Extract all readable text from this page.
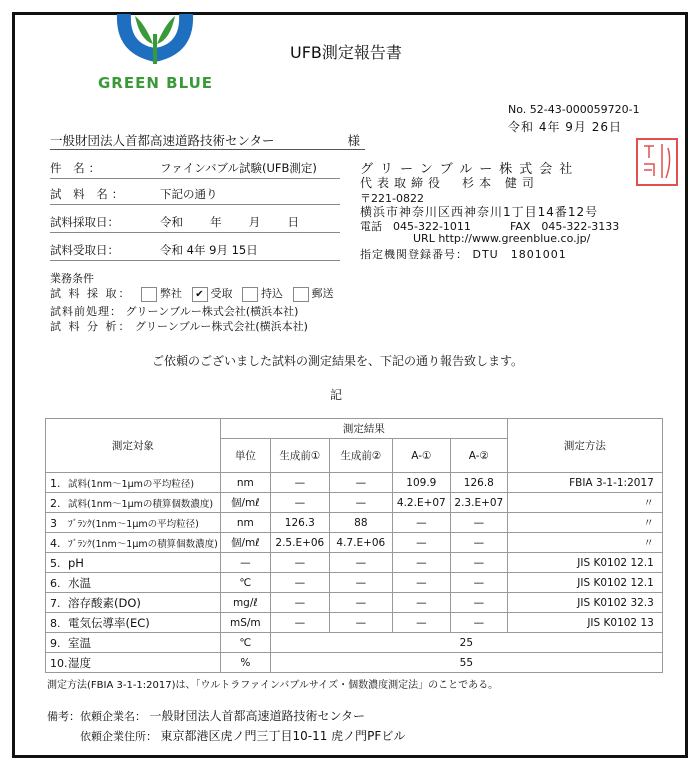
GREEN BLUE
UFB測定報告書
No. 52-43-000059720-1
令和 4年 9月 26日
一般財団法人首都高速道路技術センター	様
件 名：	ファインバブル試験(UFB測定)
試 料 名：	下記の通り
試料採取日：	令和　 年　 月　 日
試料受取日：	令和 4年 9月 15日
グリーンブルー株式会社
代表取締役　杉本 健司
〒221-0822
横浜市神奈川区西神奈川1丁目14番12号
電話　045-322-1011	FAX　045-322-3133
URL http://www.greenblue.co.jp/
指定機関登録番号： DTU　1801001
業務条件
試 料 採 取：	弊社 ✔ 受取	持込	郵送
試料前処理： グリーンブルー株式会社(横浜本社)
試 料 分 析： グリーンブルー株式会社(横浜本社)
ご依頼のございました試料の測定結果を、下記の通り報告致します。
記
測定対象	測定結果					測定方法
	単位	生成前①	生成前②	A-①	A-②	
1. 試料(1nm～1μmの平均粒径)	nm	—	—	109.9	126.8	FBIA 3-1-1:2017
2. 試料(1nm～1μmの積算個数濃度)	個/mℓ	—	—	4.2.E+07	2.3.E+07	〃
3 ﾌﾞﾗﾝｸ(1nm～1μmの平均粒径)	nm	126.3	88	—	—	〃
4. ﾌﾞﾗﾝｸ(1nm～1μmの積算個数濃度)	個/mℓ	2.5.E+06	4.7.E+06	—	—	〃
5. pH	—	—	—	—	—	JIS K0102 12.1
6. 水温	℃	—	—	—	—	JIS K0102 12.1
7. 溶存酸素(DO)	mg/ℓ	—	—	—	—	JIS K0102 32.3
8. 電気伝導率(EC)	mS/m	—	—	—	—	JIS K0102 13
9. 室温	℃	25				
10.湿度	%	55				
測定方法(FBIA 3-1-1:2017)は、「ウルトラファインバブルサイズ・個数濃度測定法」のことである。
備考：依頼企業名： 一般財団法人首都高速道路技術センター
依頼企業住所： 東京都港区虎ノ門三丁目10-11 虎ノ門PFビル
